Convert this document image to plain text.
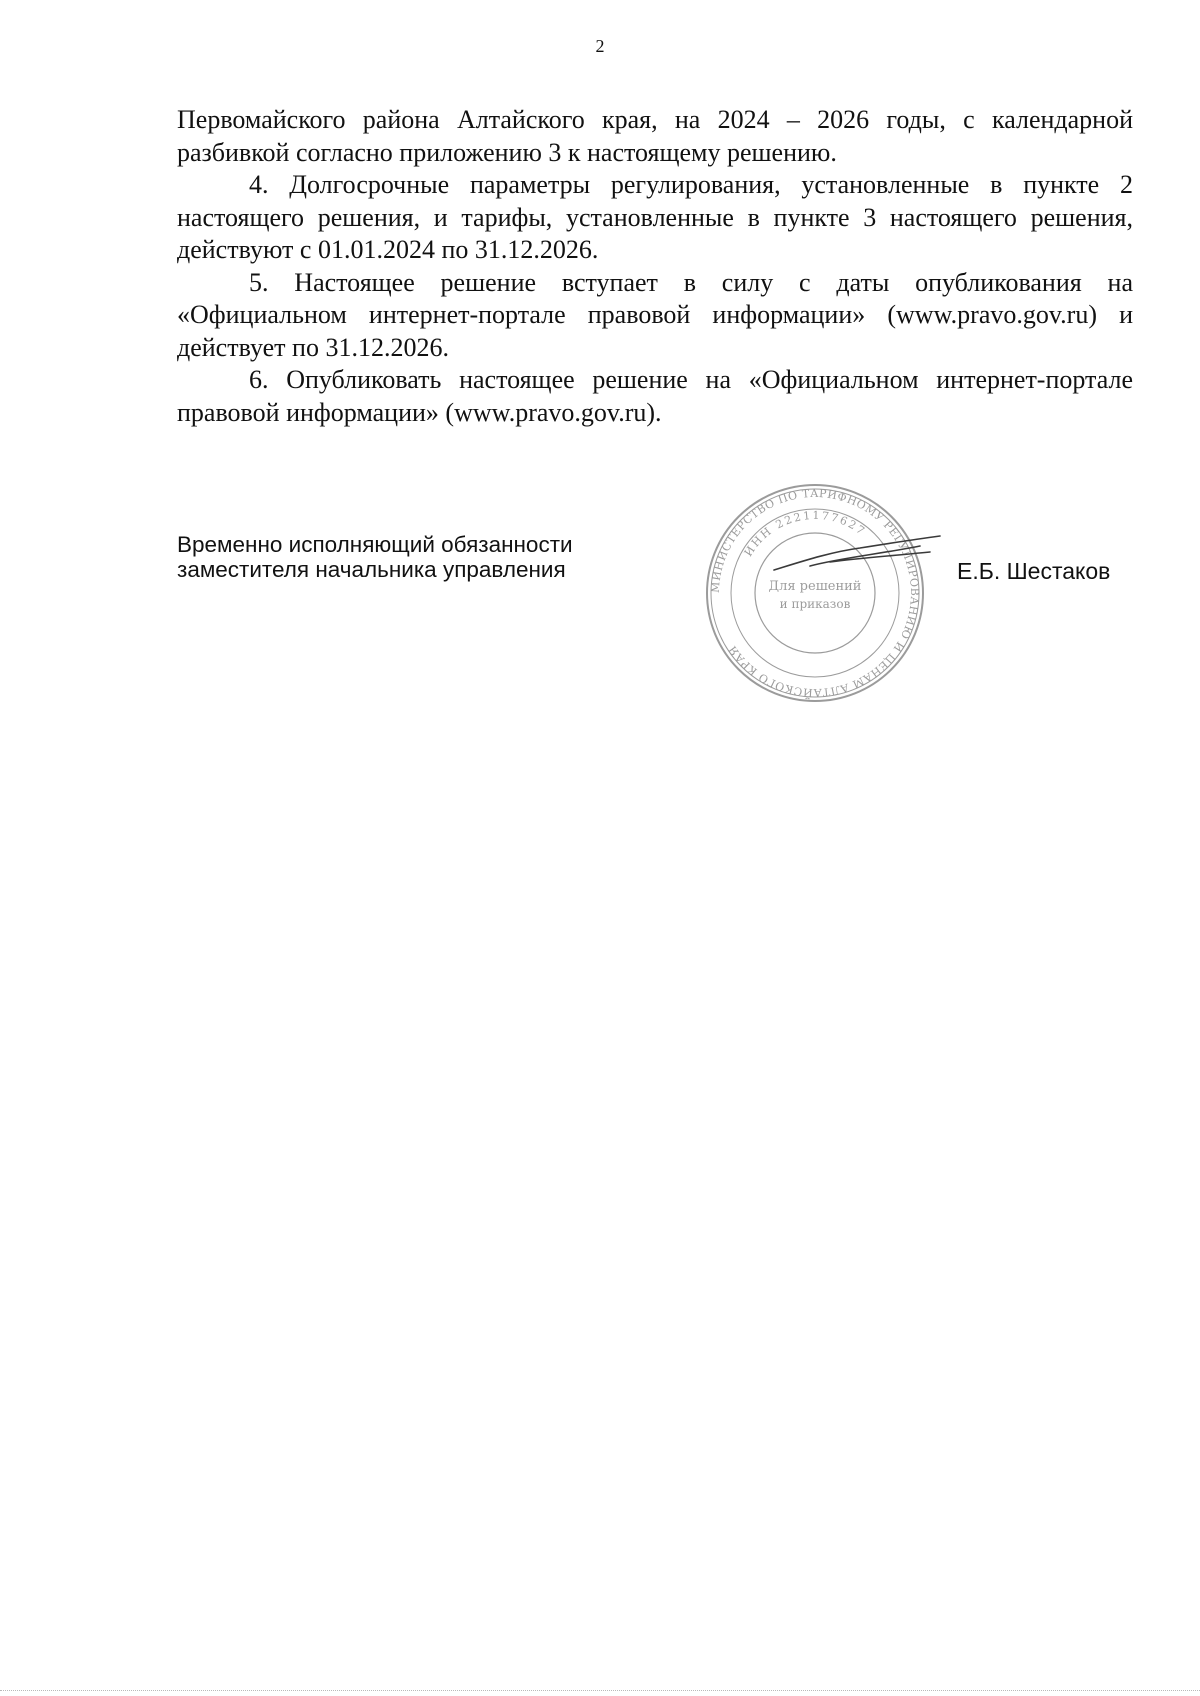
2

Первомайского района Алтайского края, на 2024 – 2026 годы, с календарной разбивкой согласно приложению 3 к настоящему решению.

4. Долгосрочные параметры регулирования, установленные в пункте 2 настоящего решения, и тарифы, установленные в пункте 3 настоящего решения, действуют с 01.01.2024 по 31.12.2026.

5. Настоящее решение вступает в силу с даты опубликования на «Официальном интернет-портале правовой информации» (www.pravo.gov.ru) и действует по 31.12.2026.

6. Опубликовать настоящее решение на «Официальном интернет-портале правовой информации» (www.pravo.gov.ru).

Временно исполняющий обязанности
заместителя начальника управления
МИНИСТЕРСТВО ПО ТАРИФНОМУ РЕГУЛИРОВАНИЮ И ЦЕНАМ АЛТАЙСКОГО КРАЯ
ИНН 2221177627
Для решений
и приказов
Е.Б. Шестаков
